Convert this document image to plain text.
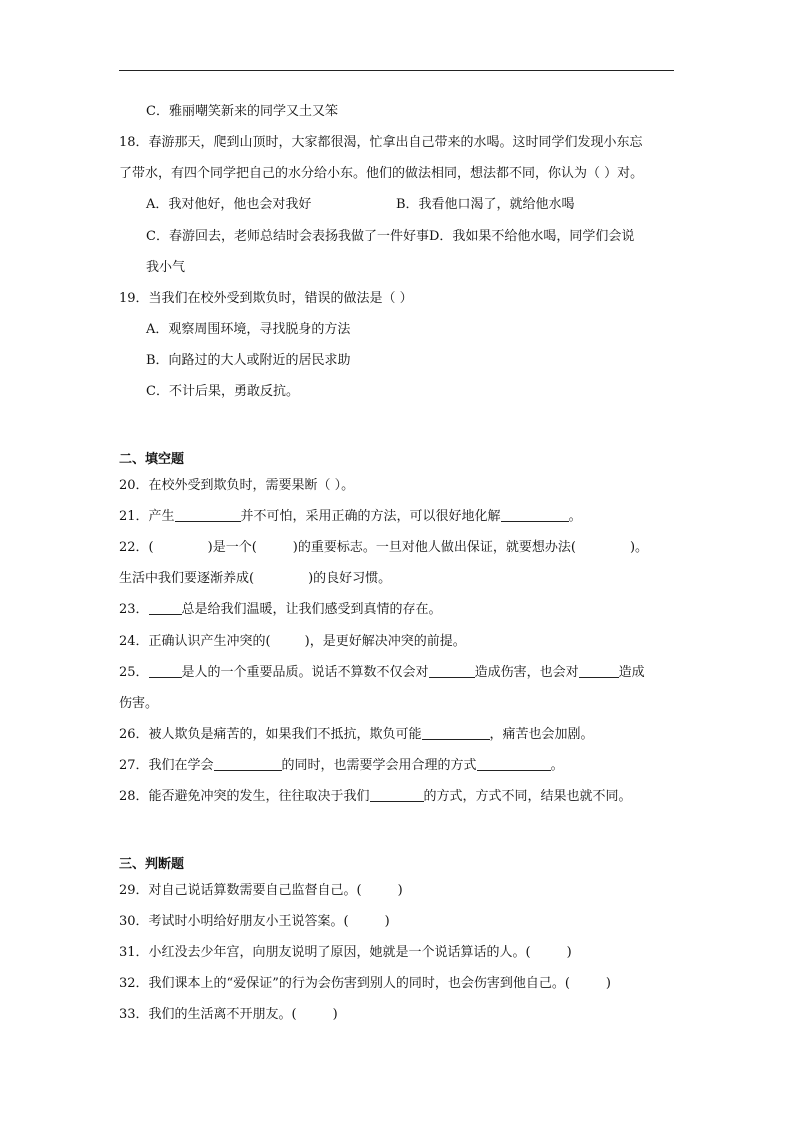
C．雅丽嘲笑新来的同学又土又笨
18．春游那天，爬到山顶时，大家都很渴，忙拿出自己带来的水喝。这时同学们发现小东忘
了带水，有四个同学把自己的水分给小东。他们的做法相同，想法都不同，你认为（ ）对。
A．我对他好，他也会对我好	B．我看他口渴了，就给他水喝
C．春游回去，老师总结时会表扬我做了一件好事D．我如果不给他水喝，同学们会说
我小气
19．当我们在校外受到欺负时，错误的做法是（ ）
A．观察周围环境，寻找脱身的方法
B．向路过的大人或附近的居民求助
C．不计后果，勇敢反抗。
二、填空题
20．在校外受到欺负时，需要果断（ ）。
21．产生	并不可怕，采用正确的方法，可以很好地化解	。
22．(	)是一个(	)的重要标志。一旦对他人做出保证，就要想办法(	)。
生活中我们要逐渐养成(	)的良好习惯。
23．	总是给我们温暖，让我们感受到真情的存在。
24．正确认识产生冲突的(	)，是更好解决冲突的前提。
25．	是人的一个重要品质。说话不算数不仅会对	造成伤害，也会对	造成
伤害。
26．被人欺负是痛苦的，如果我们不抵抗，欺负可能	，痛苦也会加剧。
27．我们在学会	的同时，也需要学会用合理的方式	。
28．能否避免冲突的发生，往往取决于我们	的方式，方式不同，结果也就不同。
三、判断题
29．对自己说话算数需要自己监督自己。(	)
30．考试时小明给好朋友小王说答案。(	)
31．小红没去少年宫，向朋友说明了原因，她就是一个说话算话的人。(	)
32．我们课本上的“爱保证”的行为会伤害到别人的同时，也会伤害到他自己。(	)
33．我们的生活离不开朋友。(	)
